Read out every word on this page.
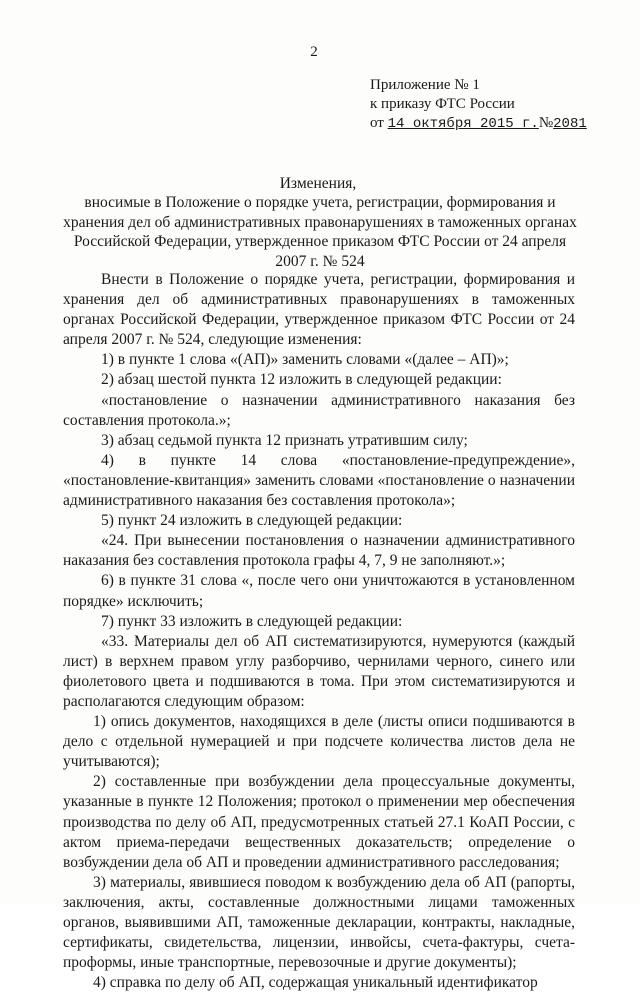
2
Приложение № 1
к приказу ФТС России
от 14 октября 2015 г.№2081
Изменения,
вносимые в Положение о порядке учета, регистрации, формирования и хранения дел об административных правонарушениях в таможенных органах Российской Федерации, утвержденное приказом ФТС России от 24 апреля 2007 г. № 524

Внести в Положение о порядке учета, регистрации, формирования и хранения дел об административных правонарушениях в таможенных органах Российской Федерации, утвержденное приказом ФТС России от 24 апреля 2007 г. № 524, следующие изменения:

1) в пункте 1 слова «(АП)» заменить словами «(далее – АП)»;

2) абзац шестой пункта 12 изложить в следующей редакции:

«постановление о назначении административного наказания без составления протокола.»;

3) абзац седьмой пункта 12 признать утратившим силу;

4) в пункте 14 слова «постановление-предупреждение», «постановление-квитанция» заменить словами «постановление о назначении административного наказания без составления протокола»;

5) пункт 24 изложить в следующей редакции:

«24. При вынесении постановления о назначении административного наказания без составления протокола графы 4, 7, 9 не заполняют.»;

6) в пункте 31 слова «, после чего они уничтожаются в установленном порядке» исключить;

7) пункт 33 изложить в следующей редакции:

«33. Материалы дел об АП систематизируются, нумеруются (каждый лист) в верхнем правом углу разборчиво, чернилами черного, синего или фиолетового цвета и подшиваются в тома. При этом систематизируются и располагаются следующим образом:

1) опись документов, находящихся в деле (листы описи подшиваются в дело с отдельной нумерацией и при подсчете количества листов дела не учитываются);

2) составленные при возбуждении дела процессуальные документы, указанные в пункте 12 Положения; протокол о применении мер обеспечения производства по делу об АП, предусмотренных статьей 27.1 КоАП России, с актом приема-передачи вещественных доказательств; определение о возбуждении дела об АП и проведении административного расследования;

3) материалы, явившиеся поводом к возбуждению дела об АП (рапорты, заключения, акты, составленные должностными лицами таможенных органов, выявившими АП, таможенные декларации, контракты, накладные, сертификаты, свидетельства, лицензии, инвойсы, счета-фактуры, счета-проформы, иные транспортные, перевозочные и другие документы);

4) справка по делу об АП, содержащая уникальный идентификатор
